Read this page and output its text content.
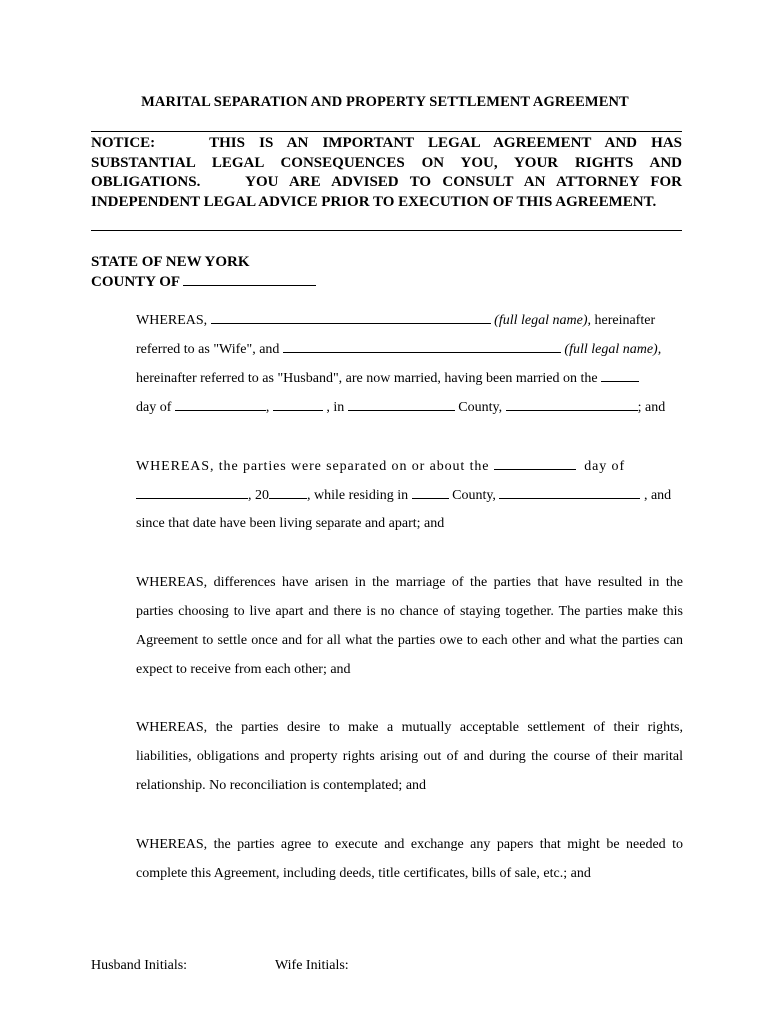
MARITAL SEPARATION AND PROPERTY SETTLEMENT AGREEMENT
NOTICE:	THIS IS AN IMPORTANT LEGAL AGREEMENT AND HAS
SUBSTANTIAL LEGAL CONSEQUENCES ON YOU, YOUR RIGHTS AND
OBLIGATIONS.	YOU ARE ADVISED TO CONSULT AN ATTORNEY FOR
INDEPENDENT LEGAL ADVICE PRIOR TO EXECUTION OF THIS AGREEMENT.
STATE OF NEW YORK
COUNTY OF
WHEREAS,	(full legal name), hereinafter
referred to as "Wife", and	(full legal name),
hereinafter referred to as "Husband", are now married, having been married on the
day of	,	, in	County,	; and
WHEREAS, the parties were separated on or about the	day of
, 20	, while residing in	County,	, and
since that date have been living separate and apart; and
WHEREAS, differences have arisen in the marriage of the parties that have resulted in the
parties choosing to live apart and there is no chance of staying together. The parties make this
Agreement to settle once and for all what the parties owe to each other and what the parties can
expect to receive from each other; and
WHEREAS, the parties desire to make a mutually acceptable settlement of their rights,
liabilities, obligations and property rights arising out of and during the course of their marital
relationship. No reconciliation is contemplated; and
WHEREAS, the parties agree to execute and exchange any papers that might be needed to
complete this Agreement, including deeds, title certificates, bills of sale, etc.; and
Husband Initials:	Wife Initials:
